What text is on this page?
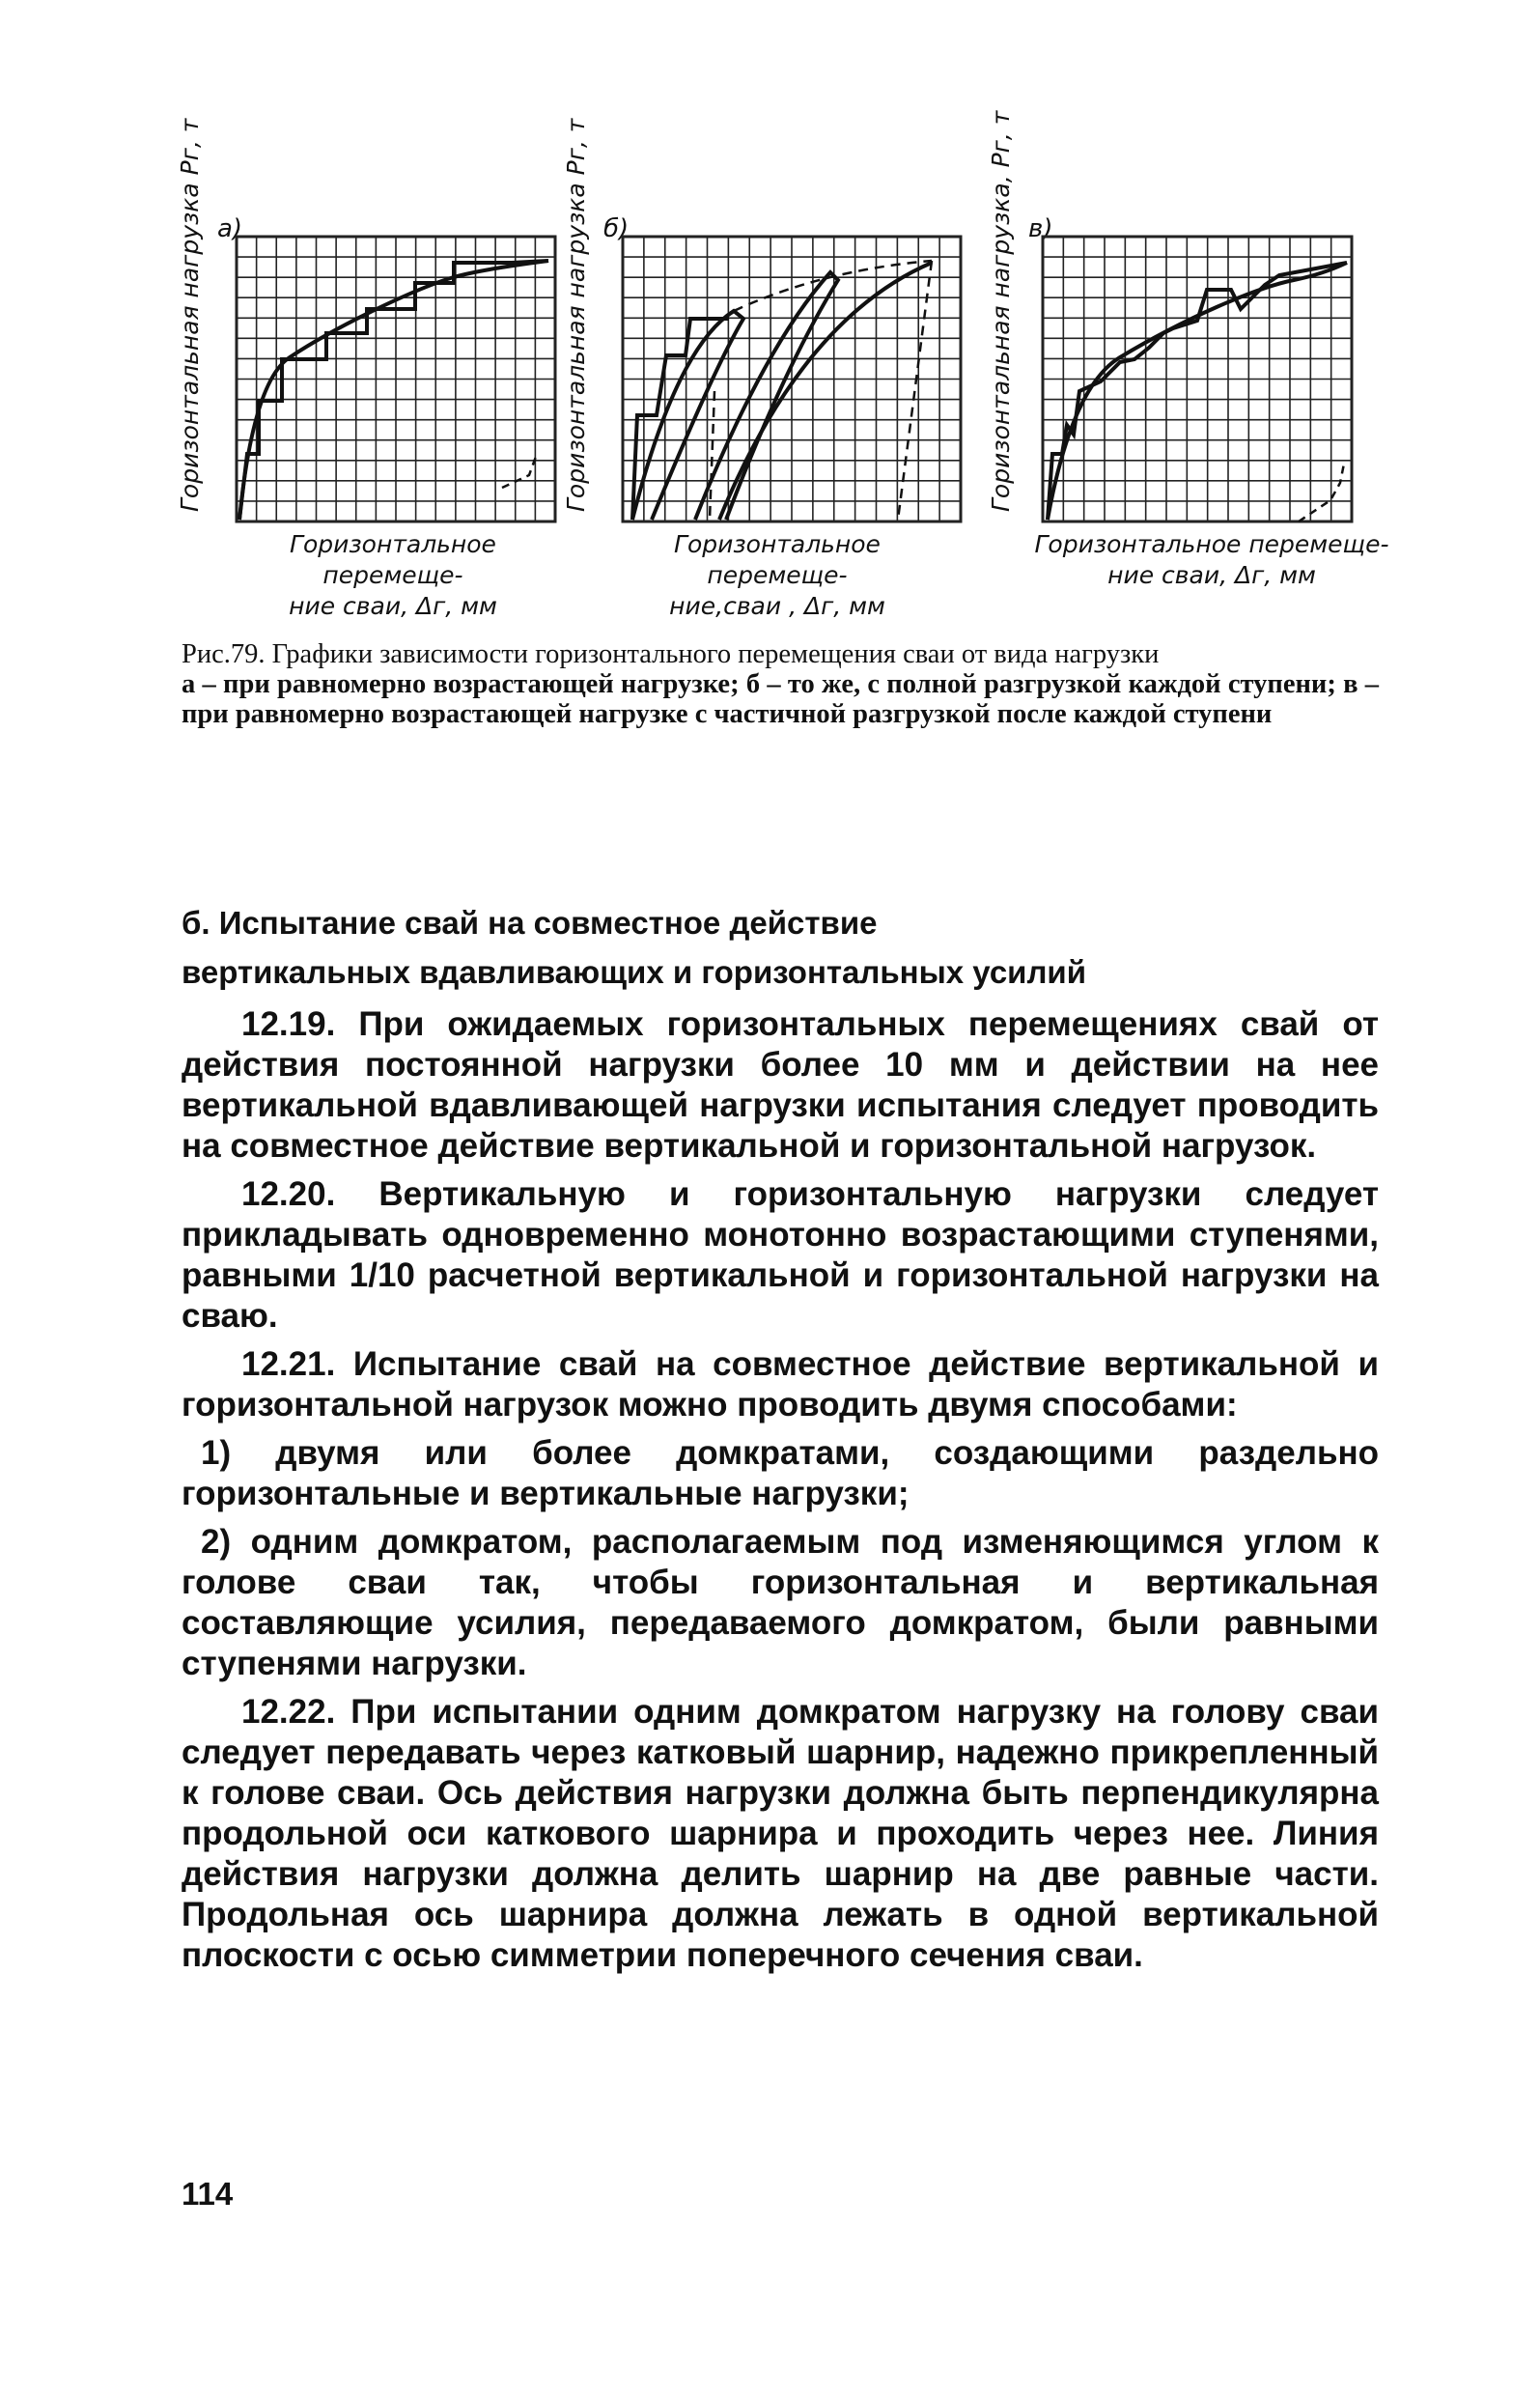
a)
Горизонтальная нагрузка Pг, т
Горизонтальное перемеще-
ние сваи, Δг, мм
б)
Горизонтальная нагрузка Pг, т
Горизонтальное перемеще-
ние,сваи , Δг, мм
в)
Горизонтальная нагрузка, Pг, т
Горизонтальное перемеще-
ние сваи, Δг, мм
Рис.79. Графики зависимости горизонтального перемещения сваи от вида нагрузки
а – при равномерно возрастающей нагрузке; б – то же, с полной разгрузкой каждой ступени; в – при равномерно возрастающей нагрузке с частичной разгрузкой после каждой ступени
б. Испытание свай на совместное действие
вертикальных вдавливающих и горизонтальных усилий

12.19. При ожидаемых горизонтальных перемещениях свай от действия постоянной нагрузки более 10 мм и действии на нее вертикальной вдавливающей нагрузки испытания следует проводить на совместное действие вертикальной и горизонтальной нагрузок.

12.20. Вертикальную и горизонтальную нагрузки следует прикладывать одновременно монотонно возрастающими ступенями, равными 1/10 расчетной вертикальной и горизонтальной нагрузки на сваю.

12.21. Испытание свай на совместное действие вертикальной и горизонтальной нагрузок можно проводить двумя способами:

1) двумя или более домкратами, создающими раздельно горизонтальные и вертикальные нагрузки;

2) одним домкратом, располагаемым под изменяющимся углом к голове сваи так, чтобы горизонтальная и вертикальная составляющие усилия, передаваемого домкратом, были равными ступенями нагрузки.

12.22. При испытании одним домкратом нагрузку на голову сваи следует передавать через катковый шарнир, надежно прикрепленный к голове сваи. Ось действия нагрузки должна быть перпендикулярна продольной оси каткового шарнира и проходить через нее. Линия действия нагрузки должна делить шарнир на две равные части. Продольная ось шарнира должна лежать в одной вертикальной плоскости с осью симметрии поперечного сечения сваи.

114
